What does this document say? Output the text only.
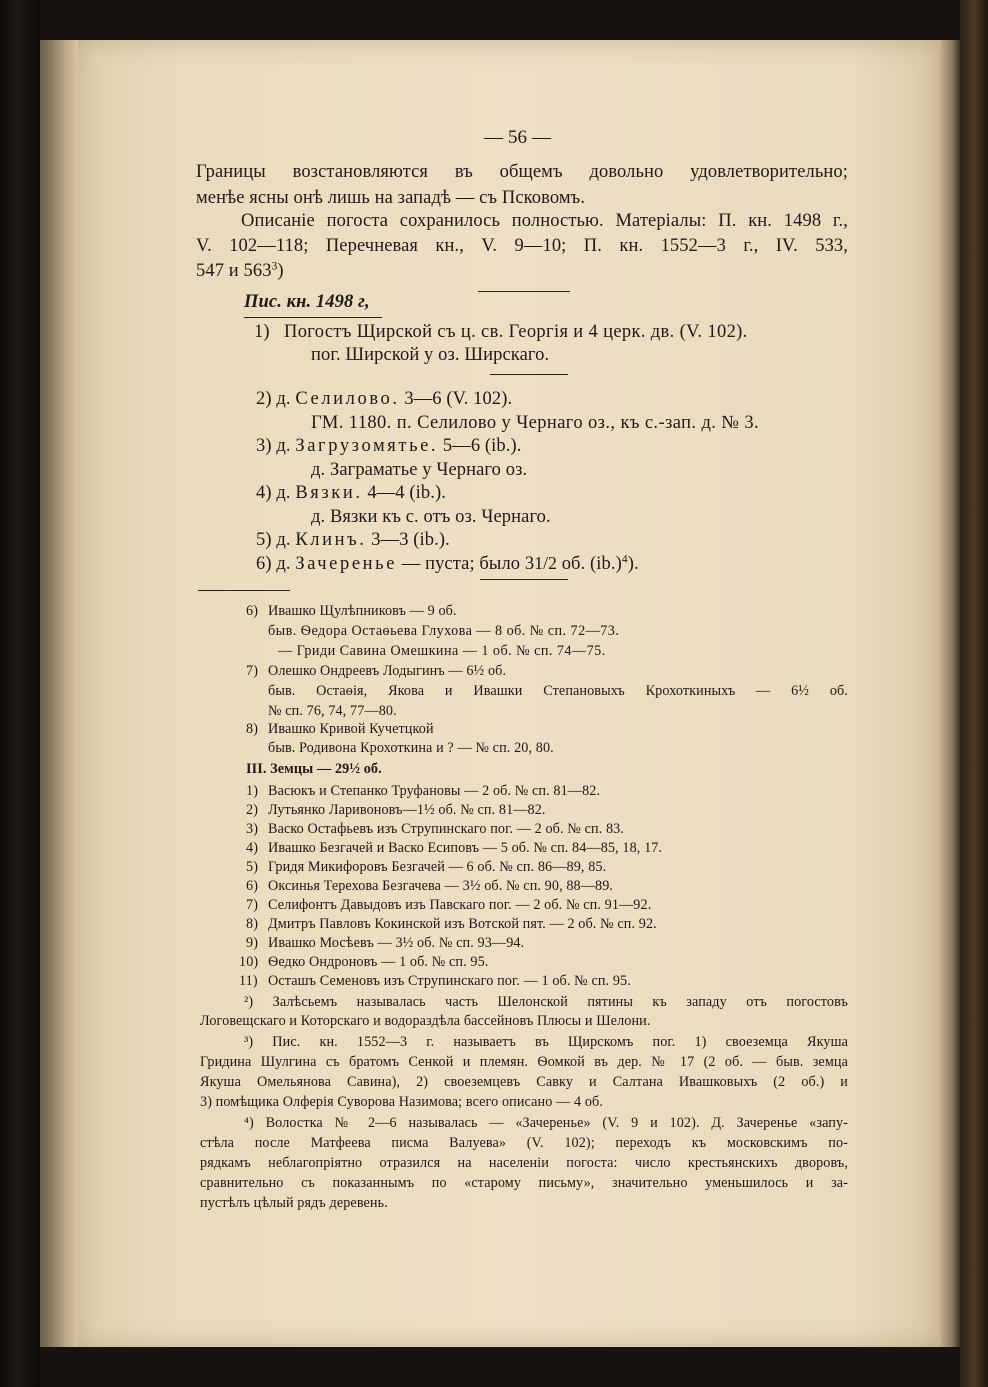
— 56 —
Границы возстановляются въ общемъ довольно удовлетворительно;
менѣе ясны онѣ лишь на западѣ — съ Псковомъ.
Описаніе погоста сохранилось полностью. Матеріалы: П. кн. 1498 г.,
V. 102—118; Перечневая кн., V. 9—10; П. кн. 1552—3 г., IV. 533,
547 и $563^3$)
Пис. кн. 1498 г,
1) Погостъ Щирской съ ц. св. Георгія и 4 церк. дв. (V. 102).
пог. Ширской у оз. Ширскаго.
2) д. Селилово. 3—6 (V. 102).
ГМ. 1180. п. Селилово у Чернаго оз., къ с.-зап. д. № 3.
3) д. Загрузомятье. 5—6 (ib.).
д. Заграматье у Чернаго оз.
4) д. Вязки. 4—4 (ib.).
д. Вязки къ с. отъ оз. Чернаго.
5) д. Клинъ. 3—3 (ib.).
6) д. Зачеренье — пуста; было 31/2 об. $(ib.)^4$).
6) Ивашко Щулѣпниковъ — 9 об.
быв. Ѳедора Остаѳьева Глухова — 8 об. № сп. 72—73.
— Гриди Савина Омешкина — 1 об. № сп. 74—75.
7) Олешко Ондреевъ Лодыгинъ — 6½ об.
быв. Остаѳія, Якова и Ивашки Степановыхъ Крохоткиныхъ — 6½ об.
№ сп. 76, 74, 77—80.
8) Ивашко Кривой Кучетцкой
быв. Родивона Крохоткина и ? — № сп. 20, 80.
III. Земцы — 29½ об.
1) Васюкъ и Степанко Труфановы — 2 об. № сп. 81—82.
2) Лутьянко Ларивоновъ—1½ об. № сп. 81—82.
3) Васко Остафьевъ изъ Струпинскаго пог. — 2 об. № сп. 83.
4) Ивашко Безгачей и Васко Есиповъ — 5 об. № сп. 84—85, 18, 17.
5) Гридя Микифоровъ Безгачей — 6 об. № сп. 86—89, 85.
6) Оксинья Терехова Безгачева — 3½ об. № сп. 90, 88—89.
7) Селифонтъ Давыдовъ изъ Павскаго пог. — 2 об. № сп. 91—92.
8) Дмитръ Павловъ Кокинской изъ Вотской пят. — 2 об. № сп. 92.
9) Ивашко Мосѣевъ — 3½ об. № сп. 93—94.
10) Ѳедко Ондроновъ — 1 об. № сп. 95.
11) Осташъ Семеновъ изъ Струпинскаго пог. — 1 об. № сп. 95.
²) Залѣсьемъ называлась часть Шелонской пятины къ западу отъ погостовъ
Логовещскаго и Которскаго и водораздѣла бассейновъ Плюсы и Шелони.
³) Пис. кн. 1552—3 г. называетъ въ Щирскомъ пог. 1) своеземца Якуша
Гридина Шулгина съ братомъ Сенкой и племян. Ѳомкой въ дер. № 17 (2 об. — быв. земца
Якуша Омельянова Савина), 2) своеземцевъ Савку и Салтана Ивашковыхъ (2 об.) и
3) помѣщика Олферія Суворова Назимова; всего описано — 4 об.
⁴) Волостка № 2—6 называлась — «Зачеренье» (V. 9 и 102). Д. Зачеренье «запу-
стѣла после Матфеева писма Валуева» (V. 102); переходъ къ московскимъ по-
рядкамъ неблагопріятно отразился на населеніи погоста: число крестьянскихъ дворовъ,
сравнительно съ показаннымъ по «старому письму», значительно уменьшилось и за-
пустѣлъ цѣлый рядъ деревень.
